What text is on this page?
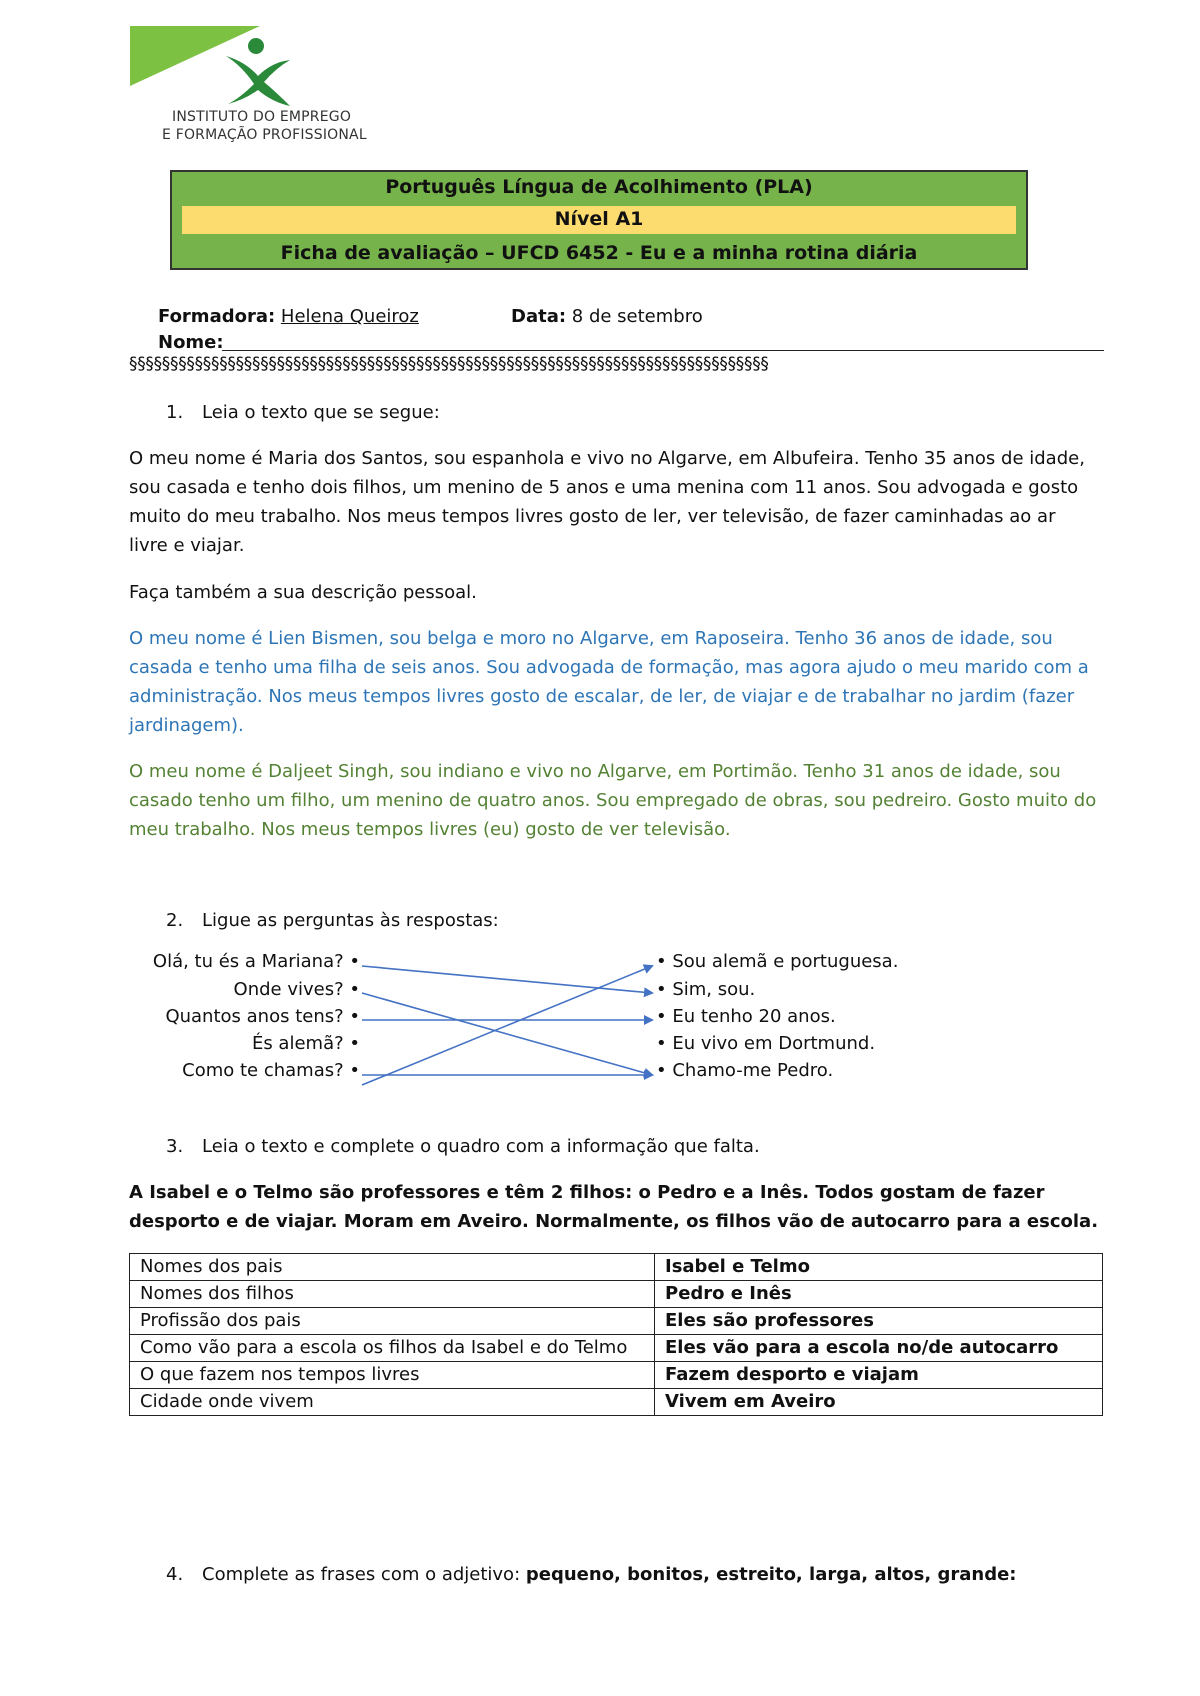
INSTITUTO DO EMPREGO
E FORMAÇÃO PROFISSIONAL
Português Língua de Acolhimento (PLA)
Nível A1
Ficha de avaliação – UFCD 6452 - Eu e a minha rotina diária
Formadora: Helena Queiroz	Data: 8 de setembro
Nome:
§§§§§§§§§§§§§§§§§§§§§§§§§§§§§§§§§§§§§§§§§§§§§§§§§§§§§§§§§§§§§§§§§§§§§§§§§§§§§§
1. Leia o texto que se segue:
O meu nome é Maria dos Santos, sou espanhola e vivo no Algarve, em Albufeira. Tenho 35 anos de idade, sou casada e tenho dois filhos, um menino de 5 anos e uma menina com 11 anos. Sou advogada e gosto muito do meu trabalho. Nos meus tempos livres gosto de ler, ver televisão, de fazer caminhadas ao ar livre e viajar.
Faça também a sua descrição pessoal.
O meu nome é Lien Bismen, sou belga e moro no Algarve, em Raposeira. Tenho 36 anos de idade, sou casada e tenho uma filha de seis anos. Sou advogada de formação, mas agora ajudo o meu marido com a administração. Nos meus tempos livres gosto de escalar, de ler, de viajar e de trabalhar no jardim (fazer jardinagem).
O meu nome é Daljeet Singh, sou indiano e vivo no Algarve, em Portimão. Tenho 31 anos de idade, sou casado tenho um filho, um menino de quatro anos. Sou empregado de obras, sou pedreiro. Gosto muito do meu trabalho. Nos meus tempos livres (eu) gosto de ver televisão.
2. Ligue as perguntas às respostas:
Olá, tu és a Mariana? •
Onde vives? •
Quantos anos tens? •
És alemã? •
Como te chamas? •
• Sou alemã e portuguesa.
• Sim, sou.
• Eu tenho 20 anos.
• Eu vivo em Dortmund.
• Chamo-me Pedro.
3. Leia o texto e complete o quadro com a informação que falta.
A Isabel e o Telmo são professores e têm 2 filhos: o Pedro e a Inês. Todos gostam de fazer desporto e de viajar. Moram em Aveiro. Normalmente, os filhos vão de autocarro para a escola.
Nomes dos pais	Isabel e Telmo
Nomes dos filhos	Pedro e Inês
Profissão dos pais	Eles são professores
Como vão para a escola os filhos da Isabel e do Telmo	Eles vão para a escola no/de autocarro
O que fazem nos tempos livres	Fazem desporto e viajam
Cidade onde vivem	Vivem em Aveiro
4. Complete as frases com o adjetivo: pequeno, bonitos, estreito, larga, altos, grande:
